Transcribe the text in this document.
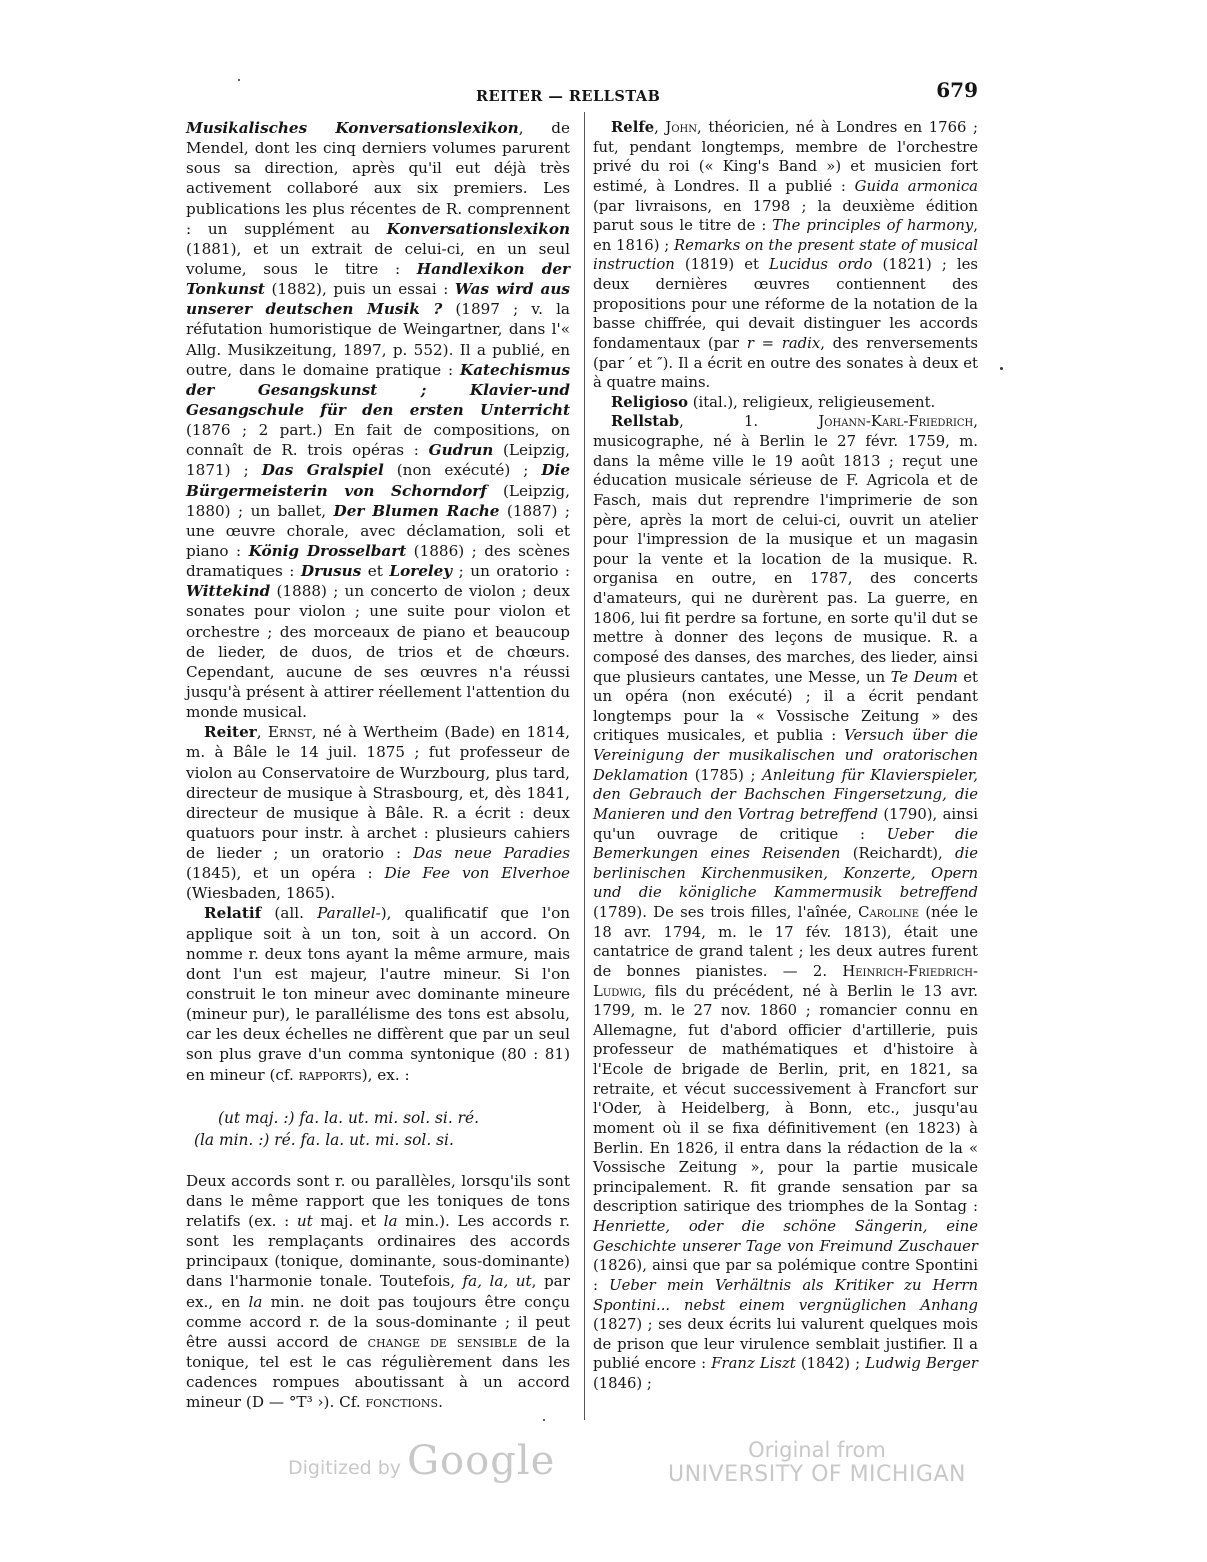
REITER — RELLSTAB	679

Musikalisches Konversationslexikon, de Mendel, dont les cinq derniers volumes parurent sous sa direction, après qu'il eut déjà très activement collaboré aux six premiers. Les publications les plus récentes de R. comprennent : un supplément au Konversationslexikon (1881), et un extrait de celui-ci, en un seul volume, sous le titre : Handlexikon der Tonkunst (1882), puis un essai : Was wird aus unserer deutschen Musik ? (1897 ; v. la réfutation humoristique de Weingartner, dans l'« Allg. Musikzeitung, 1897, p. 552). Il a publié, en outre, dans le domaine pratique : Katechismus der Gesangskunst ; Klavier-und Gesangschule für den ersten Unterricht (1876 ; 2 part.) En fait de compositions, on connaît de R. trois opéras : Gudrun (Leipzig, 1871) ; Das Gralspiel (non exécuté) ; Die Bürgermeisterin von Schorndorf (Leipzig, 1880) ; un ballet, Der Blumen Rache (1887) ; une œuvre chorale, avec déclamation, soli et piano : König Drosselbart (1886) ; des scènes dramatiques : Drusus et Loreley ; un oratorio : Wittekind (1888) ; un concerto de violon ; deux sonates pour violon ; une suite pour violon et orchestre ; des morceaux de piano et beaucoup de lieder, de duos, de trios et de chœurs. Cependant, aucune de ses œuvres n'a réussi jusqu'à présent à attirer réellement l'attention du monde musical.

Reiter, Ernst, né à Wertheim (Bade) en 1814, m. à Bâle le 14 juil. 1875 ; fut professeur de violon au Conservatoire de Wurzbourg, plus tard, directeur de musique à Strasbourg, et, dès 1841, directeur de musique à Bâle. R. a écrit : deux quatuors pour instr. à archet : plusieurs cahiers de lieder ; un oratorio : Das neue Paradies (1845), et un opéra : Die Fee von Elverhoe (Wiesbaden, 1865).

Relatif (all. Parallel-), qualificatif que l'on applique soit à un ton, soit à un accord. On nomme r. deux tons ayant la même armure, mais dont l'un est majeur, l'autre mineur. Si l'on construit le ton mineur avec dominante mineure (mineur pur), le parallélisme des tons est absolu, car les deux échelles ne diffèrent que par un seul son plus grave d'un comma syntonique (80 : 81) en mineur (cf. rapports), ex. :

(ut maj. :) fa. la. ut. mi. sol. si. ré.
(la min. :) ré. fa. la. ut. mi. sol. si.

Deux accords sont r. ou parallèles, lorsqu'ils sont dans le même rapport que les toniques de tons relatifs (ex. : ut maj. et la min.). Les accords r. sont les remplaçants ordinaires des accords principaux (tonique, dominante, sous-dominante) dans l'harmonie tonale. Toutefois, fa, la, ut, par ex., en la min. ne doit pas toujours être conçu comme accord r. de la sous-dominante ; il peut être aussi accord de change de sensible de la tonique, tel est le cas régulièrement dans les cadences rompues aboutissant à un accord mineur (D — °T³ ›). Cf. fonctions.

Relfe, John, théoricien, né à Londres en 1766 ; fut, pendant longtemps, membre de l'orchestre privé du roi (« King's Band ») et musicien fort estimé, à Londres. Il a publié : Guida armonica (par livraisons, en 1798 ; la deuxième édition parut sous le titre de : The principles of harmony, en 1816) ; Remarks on the present state of musical instruction (1819) et Lucidus ordo (1821) ; les deux dernières œuvres contiennent des propositions pour une réforme de la notation de la basse chiffrée, qui devait distinguer les accords fondamentaux (par r = radix, des renversements (par ′ et ″). Il a écrit en outre des sonates à deux et à quatre mains.

Religioso (ital.), religieux, religieusement.

Rellstab, 1. Johann-Karl-Friedrich, musicographe, né à Berlin le 27 févr. 1759, m. dans la même ville le 19 août 1813 ; reçut une éducation musicale sérieuse de F. Agricola et de Fasch, mais dut reprendre l'imprimerie de son père, après la mort de celui-ci, ouvrit un atelier pour l'impression de la musique et un magasin pour la vente et la location de la musique. R. organisa en outre, en 1787, des concerts d'amateurs, qui ne durèrent pas. La guerre, en 1806, lui fit perdre sa fortune, en sorte qu'il dut se mettre à donner des leçons de musique. R. a composé des danses, des marches, des lieder, ainsi que plusieurs cantates, une Messe, un Te Deum et un opéra (non exécuté) ; il a écrit pendant longtemps pour la « Vossische Zeitung » des critiques musicales, et publia : Versuch über die Vereinigung der musikalischen und oratorischen Deklamation (1785) ; Anleitung für Klavierspieler, den Gebrauch der Bachschen Fingersetzung, die Manieren und den Vortrag betreffend (1790), ainsi qu'un ouvrage de critique : Ueber die Bemerkungen eines Reisenden (Reichardt), die berlinischen Kirchenmusiken, Konzerte, Opern und die königliche Kammermusik betreffend (1789). De ses trois filles, l'aînée, Caroline (née le 18 avr. 1794, m. le 17 fév. 1813), était une cantatrice de grand talent ; les deux autres furent de bonnes pianistes. — 2. Heinrich-Friedrich-Ludwig, fils du précédent, né à Berlin le 13 avr. 1799, m. le 27 nov. 1860 ; romancier connu en Allemagne, fut d'abord officier d'artillerie, puis professeur de mathématiques et d'histoire à l'Ecole de brigade de Berlin, prit, en 1821, sa retraite, et vécut successivement à Francfort sur l'Oder, à Heidelberg, à Bonn, etc., jusqu'au moment où il se fixa définitivement (en 1823) à Berlin. En 1826, il entra dans la rédaction de la « Vossische Zeitung », pour la partie musicale principalement. R. fit grande sensation par sa description satirique des triomphes de la Sontag : Henriette, oder die schöne Sängerin, eine Geschichte unserer Tage von Freimund Zuschauer (1826), ainsi que par sa polémique contre Spontini : Ueber mein Verhältnis als Kritiker zu Herrn Spontini... nebst einem vergnüglichen Anhang (1827) ; ses deux écrits lui valurent quelques mois de prison que leur virulence semblait justifier. Il a publié encore : Franz Liszt (1842) ; Ludwig Berger (1846) ;

Digitized by Google	Original from
UNIVERSITY OF MICHIGAN
